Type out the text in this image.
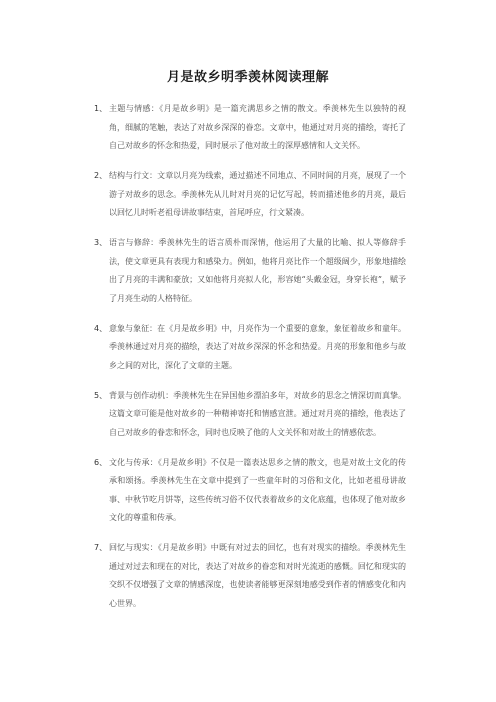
月是故乡明季羡林阅读理解
1、 主题与情感：《月是故乡明》是一篇充满思乡之情的散文。季羡林先生以独特的视角，细腻的笔触，表达了对故乡深深的眷恋。文章中，他通过对月亮的描绘，寄托了自己对故乡的怀念和热爱，同时展示了他对故土的深厚感情和人文关怀。
2、 结构与行文：文章以月亮为线索，通过描述不同地点、不同时间的月亮，展现了一个游子对故乡的思念。季羡林先从儿时对月亮的记忆写起，转而描述他乡的月亮，最后以回忆儿时听老祖母讲故事结束，首尾呼应，行文紧凑。
3、 语言与修辞：季羡林先生的语言质朴而深情，他运用了大量的比喻、拟人等修辞手法，使文章更具有表现力和感染力。例如，他将月亮比作一个超级阔少，形象地描绘出了月亮的丰满和豪放；又如他将月亮拟人化，形容她“头戴金冠，身穿长袍”，赋予了月亮生动的人格特征。
4、 意象与象征：在《月是故乡明》中，月亮作为一个重要的意象，象征着故乡和童年。季羡林通过对月亮的描绘，表达了对故乡深深的怀念和热爱。月亮的形象和他乡与故乡之间的对比，深化了文章的主题。
5、 背景与创作动机：季羡林先生在异国他乡漂泊多年，对故乡的思念之情深切而真挚。这篇文章可能是他对故乡的一种精神寄托和情感宣泄。通过对月亮的描绘，他表达了自己对故乡的眷恋和怀念，同时也反映了他的人文关怀和对故土的情感依恋。
6、 文化与传承：《月是故乡明》不仅是一篇表达思乡之情的散文，也是对故土文化的传承和颂扬。季羡林先生在文章中提到了一些童年时的习俗和文化，比如老祖母讲故事、中秋节吃月饼等，这些传统习俗不仅代表着故乡的文化底蕴，也体现了他对故乡文化的尊重和传承。
7、 回忆与现实：《月是故乡明》中既有对过去的回忆，也有对现实的描绘。季羡林先生通过对过去和现在的对比，表达了对故乡的眷恋和对时光流逝的感慨。回忆和现实的交织不仅增强了文章的情感深度，也使读者能够更深刻地感受到作者的情感变化和内心世界。
